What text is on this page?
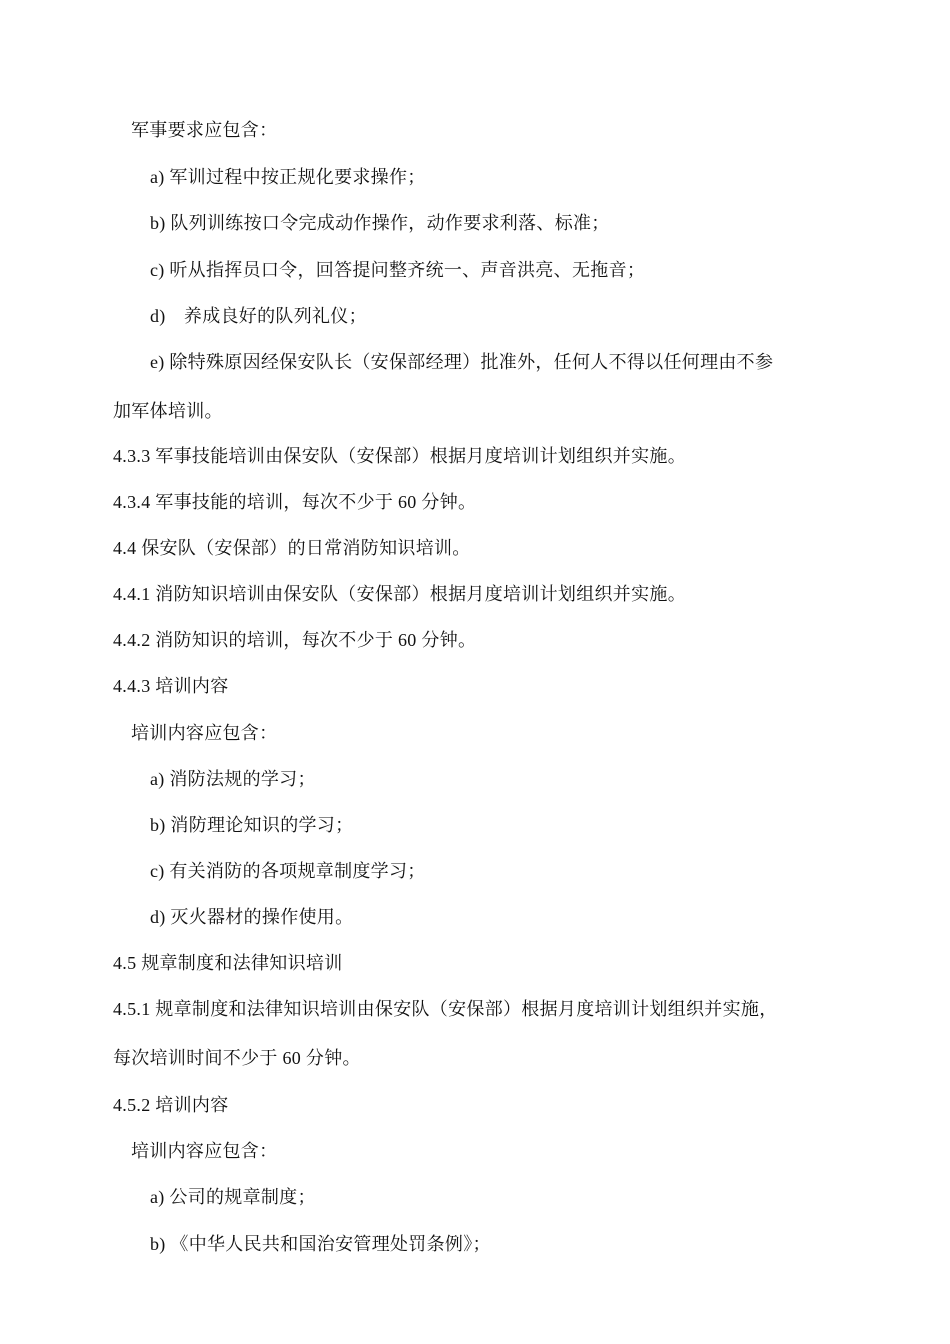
军事要求应包含：
a) 军训过程中按正规化要求操作；
b) 队列训练按口令完成动作操作，动作要求利落、标准；
c) 听从指挥员口令，回答提问整齐统一、声音洪亮、无拖音；
d)　养成良好的队列礼仪；
e) 除特殊原因经保安队长（安保部经理）批准外，任何人不得以任何理由不参
加军体培训。
4.3.3 军事技能培训由保安队（安保部）根据月度培训计划组织并实施。
4.3.4 军事技能的培训，每次不少于 60 分钟。
4.4 保安队（安保部）的日常消防知识培训。
4.4.1 消防知识培训由保安队（安保部）根据月度培训计划组织并实施。
4.4.2 消防知识的培训，每次不少于 60 分钟。
4.4.3 培训内容
培训内容应包含：
a) 消防法规的学习；
b) 消防理论知识的学习；
c) 有关消防的各项规章制度学习；
d) 灭火器材的操作使用。
4.5 规章制度和法律知识培训
4.5.1 规章制度和法律知识培训由保安队（安保部）根据月度培训计划组织并实施，
每次培训时间不少于 60 分钟。
4.5.2 培训内容
培训内容应包含：
a) 公司的规章制度；
b) 《中华人民共和国治安管理处罚条例》；
